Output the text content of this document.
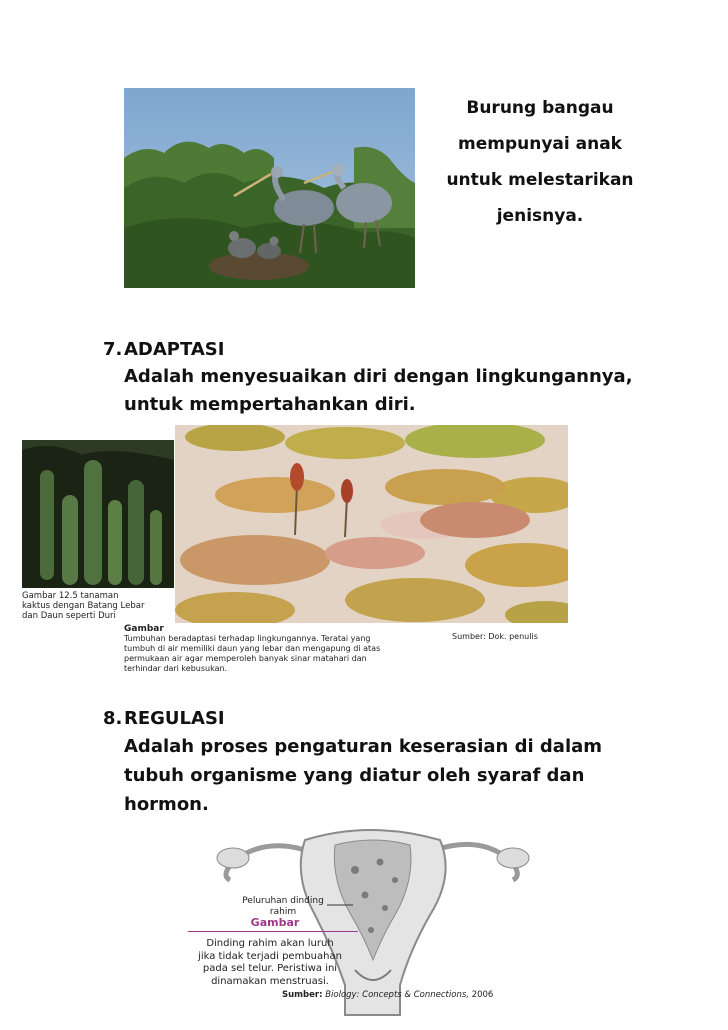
Burung bangau mempunyai anak untuk melestarikan jenisnya.
7. ADAPTASI
Adalah menyesuaikan diri dengan lingkungannya,
untuk mempertahankan diri.
Gambar 12.5 tanaman
kaktus dengan Batang Lebar
dan Daun seperti Duri
Gambar
Tumbuhan beradaptasi terhadap lingkungannya. Teratai yang
tumbuh di air memiliki daun yang lebar dan mengapung di atas
permukaan air agar memperoleh banyak sinar matahari dan
terhindar dari kebusukan.
Sumber: Dok. penulis
8. REGULASI
Adalah proses pengaturan keserasian di dalam
tubuh organisme yang diatur oleh syaraf dan
hormon.
Peluruhan dinding
rahim
Gambar
Dinding rahim akan luruh
jika tidak terjadi pembuahan
pada sel telur. Peristiwa ini
dinamakan menstruasi.
Sumber: Biology: Concepts & Connections, 2006
